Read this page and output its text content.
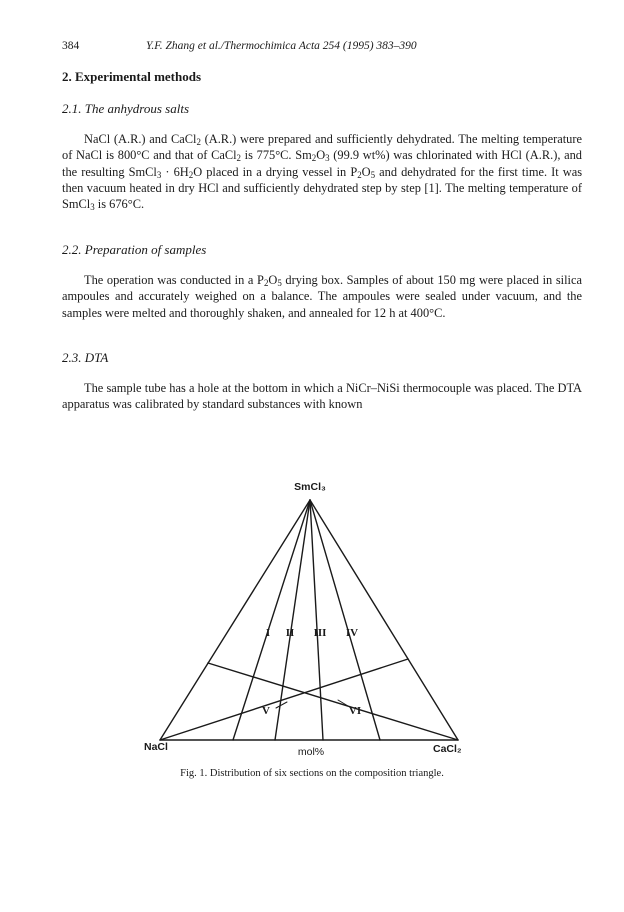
384	Y.F. Zhang et al./Thermochimica Acta 254 (1995) 383–390
2. Experimental methods
2.1. The anhydrous salts

NaCl (A.R.) and CaCl$_2$ (A.R.) were prepared and sufficiently dehydrated. The melting temperature of NaCl is 800°C and that of CaCl$_2$ is 775°C. $Sm_2O_3$ (99.9 wt%) was chlorinated with HCl (A.R.), and the resulting SmCl$_3$ · $6H_2O$ placed in a drying vessel in $P_2O_5$ and dehydrated for the first time. It was then vacuum heated in dry HCl and sufficiently dehydrated step by step [1]. The melting temperature of SmCl$_3$ is 676°C.

2.2. Preparation of samples

The operation was conducted in a $P_2O_5$ drying box. Samples of about 150 mg were placed in silica ampoules and accurately weighed on a balance. The ampoules were sealed under vacuum, and the samples were melted and thoroughly shaken, and annealed for 12 h at 400°C.

2.3. DTA

The sample tube has a hole at the bottom in which a NiCr–NiSi thermocouple was placed. The DTA apparatus was calibrated by standard substances with known

SmCl₃
NaCl	CaCl₂
mol%
I II III IV
V	VI
Fig. 1. Distribution of six sections on the composition triangle.
